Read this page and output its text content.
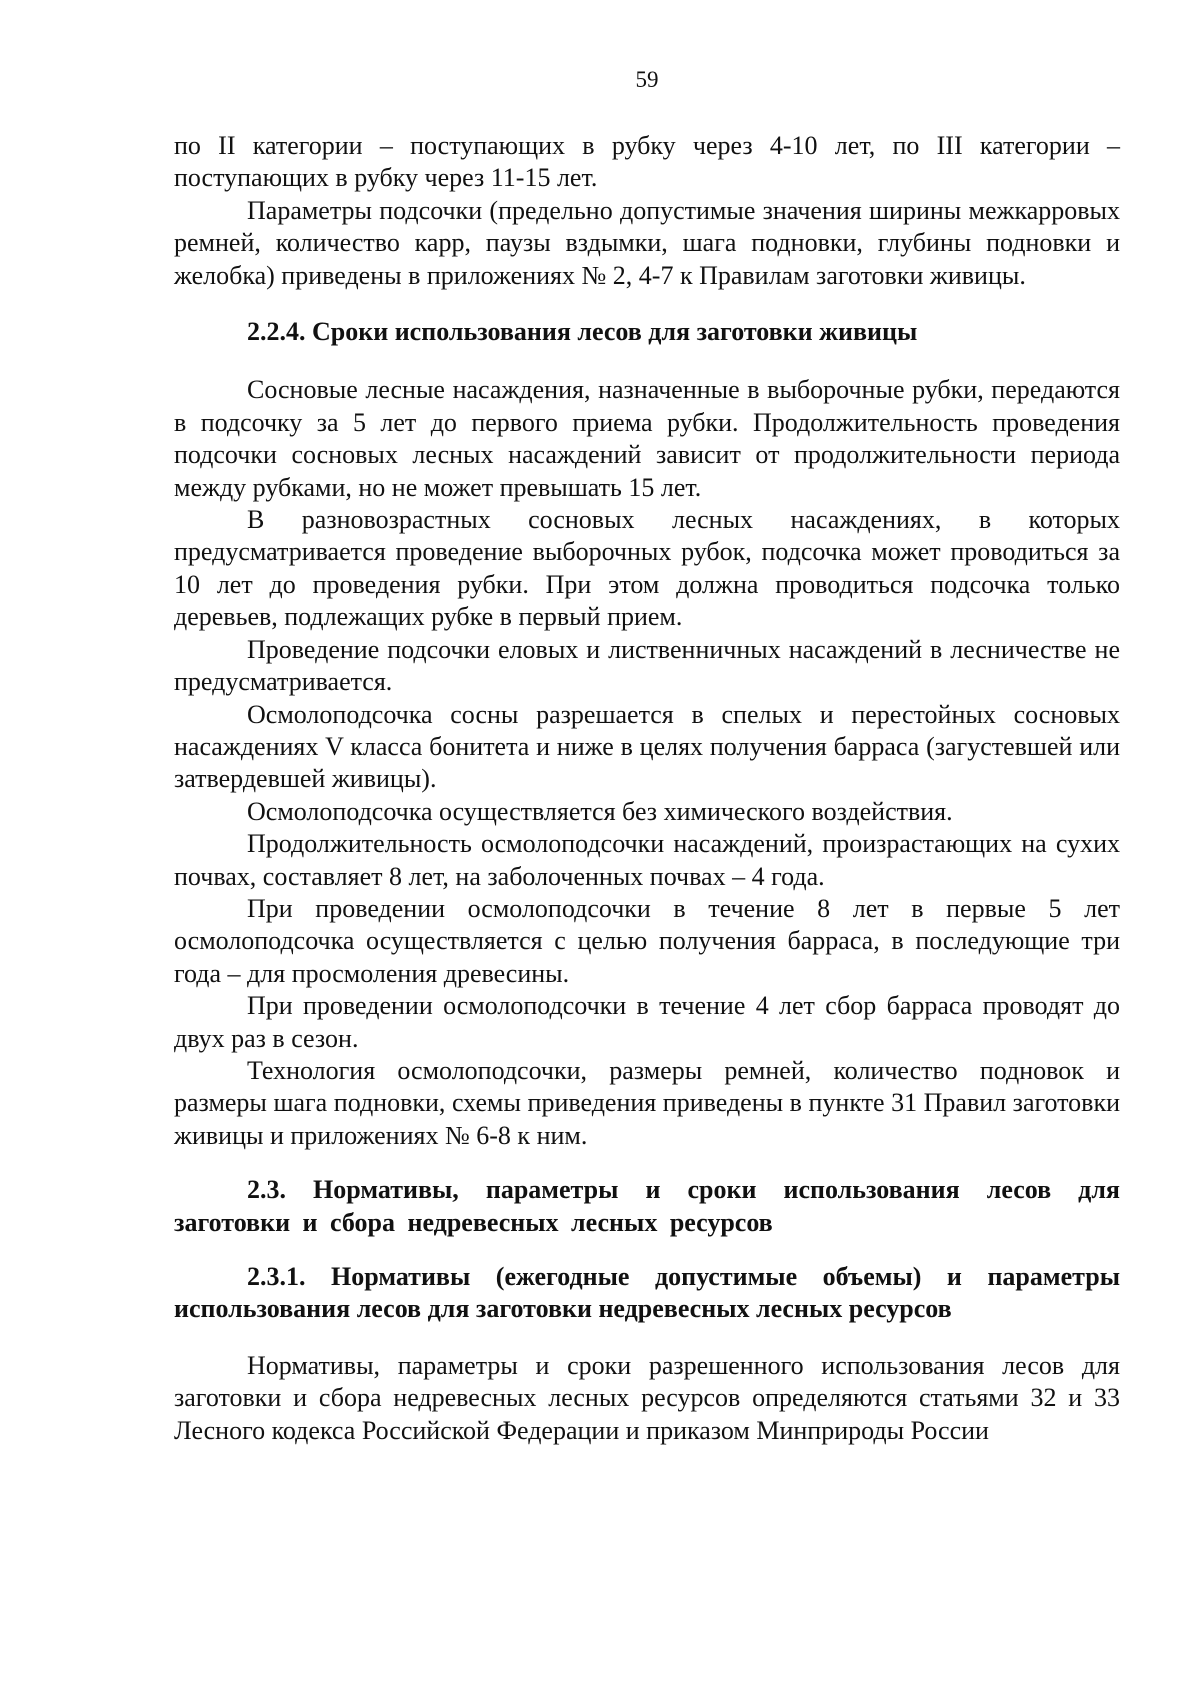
59

по II категории – поступающих в рубку через 4-10 лет, по III категории – поступающих в рубку через 11-15 лет.

Параметры подсочки (предельно допустимые значения ширины межкарровых ремней, количество карр, паузы вздымки, шага подновки, глубины подновки и желобка) приведены в приложениях № 2, 4-7 к Правилам заготовки живицы.

2.2.4. Сроки использования лесов для заготовки живицы

Сосновые лесные насаждения, назначенные в выборочные рубки, передаются в подсочку за 5 лет до первого приема рубки. Продолжительность проведения подсочки сосновых лесных насаждений зависит от продолжительности периода между рубками, но не может превышать 15 лет.

В разновозрастных сосновых лесных насаждениях, в которых предусматривается проведение выборочных рубок, подсочка может проводиться за 10 лет до проведения рубки. При этом должна проводиться подсочка только деревьев, подлежащих рубке в первый прием.

Проведение подсочки еловых и лиственничных насаждений в лесничестве не предусматривается.

Осмолоподсочка сосны разрешается в спелых и перестойных сосновых насаждениях V класса бонитета и ниже в целях получения барраса (загустевшей или затвердевшей живицы).

Осмолоподсочка осуществляется без химического воздействия.

Продолжительность осмолоподсочки насаждений, произрастающих на сухих почвах, составляет 8 лет, на заболоченных почвах – 4 года.

При проведении осмолоподсочки в течение 8 лет в первые 5 лет осмолоподсочка осуществляется с целью получения барраса, в последующие три года – для просмоления древесины.

При проведении осмолоподсочки в течение 4 лет сбор барраса проводят до двух раз в сезон.

Технология осмолоподсочки, размеры ремней, количество подновок и размеры шага подновки, схемы приведения приведены в пункте 31 Правил заготовки живицы и приложениях № 6-8 к ним.

2.3. Нормативы, параметры и сроки использования лесов для заготовки и сбора недревесных лесных ресурсов
2.3.1. Нормативы (ежегодные допустимые объемы) и параметры использования лесов для заготовки недревесных лесных ресурсов

Нормативы, параметры и сроки разрешенного использования лесов для заготовки и сбора недревесных лесных ресурсов определяются статьями 32 и 33 Лесного кодекса Российской Федерации и приказом Минприроды России
